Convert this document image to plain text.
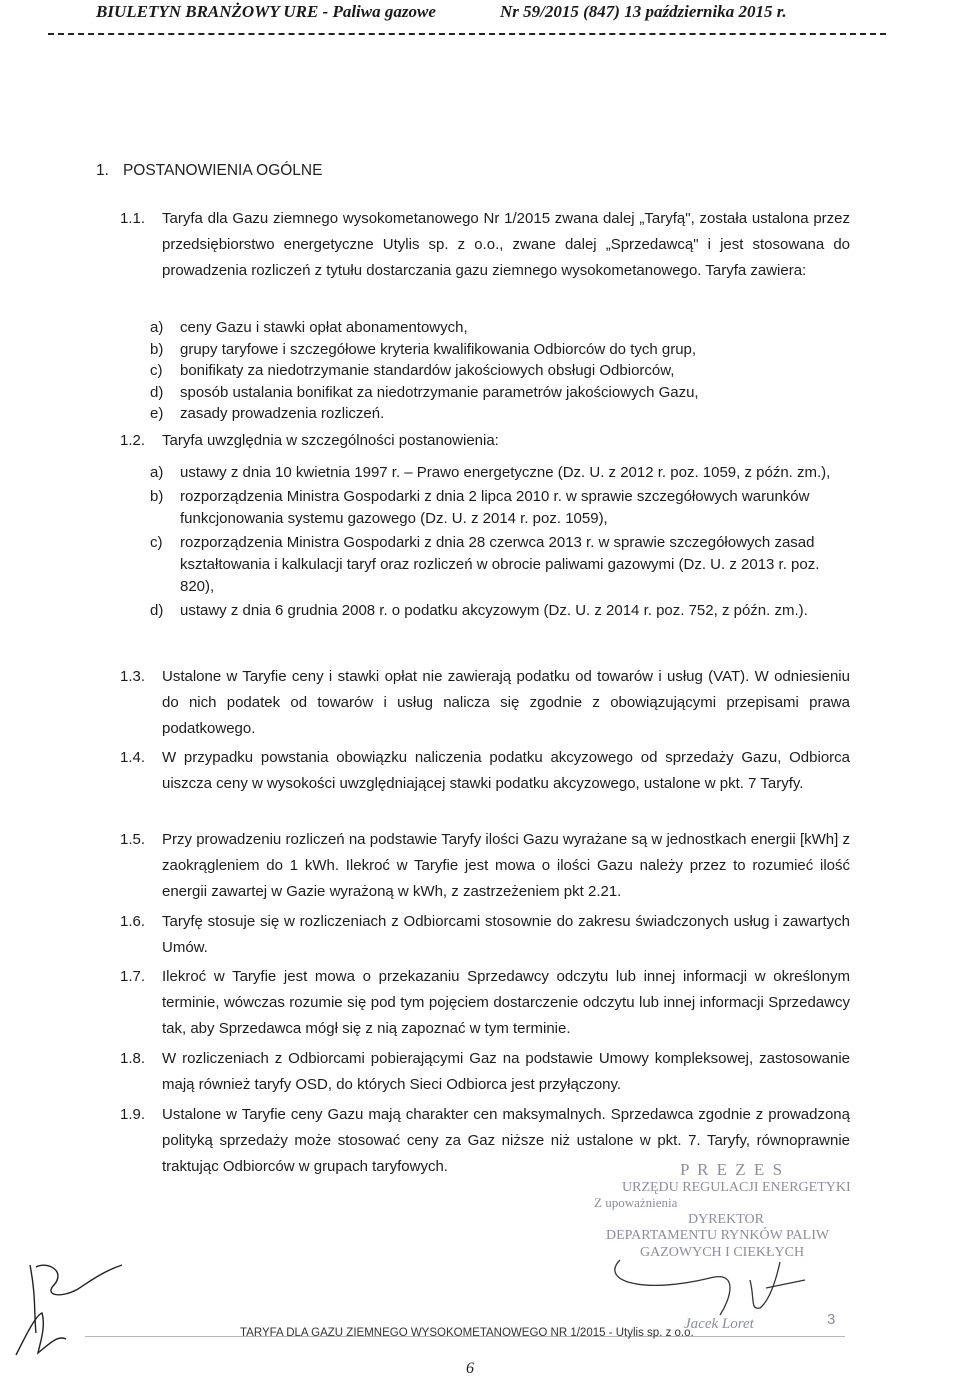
BIULETYN BRANŻOWY URE - Paliwa gazowe	Nr 59/2015 (847) 13 października 2015 r.
1. POSTANOWIENIA OGÓLNE
1.1. Taryfa dla Gazu ziemnego wysokometanowego Nr 1/2015 zwana dalej „Taryfą", została ustalona przez przedsiębiorstwo energetyczne Utylis sp. z o.o., zwane dalej „Sprzedawcą" i jest stosowana do prowadzenia rozliczeń z tytułu dostarczania gazu ziemnego wysokometanowego. Taryfa zawiera:
a) ceny Gazu i stawki opłat abonamentowych,
b) grupy taryfowe i szczegółowe kryteria kwalifikowania Odbiorców do tych grup,
c) bonifikaty za niedotrzymanie standardów jakościowych obsługi Odbiorców,
d) sposób ustalania bonifikat za niedotrzymanie parametrów jakościowych Gazu,
e) zasady prowadzenia rozliczeń.
1.2. Taryfa uwzględnia w szczególności postanowienia:
a) ustawy z dnia 10 kwietnia 1997 r. – Prawo energetyczne (Dz. U. z 2012 r. poz. 1059, z późn. zm.),
b) rozporządzenia Ministra Gospodarki z dnia 2 lipca 2010 r. w sprawie szczegółowych warunków funkcjonowania systemu gazowego (Dz. U. z 2014 r. poz. 1059),
c) rozporządzenia Ministra Gospodarki z dnia 28 czerwca 2013 r. w sprawie szczegółowych zasad kształtowania i kalkulacji taryf oraz rozliczeń w obrocie paliwami gazowymi (Dz. U. z 2013 r. poz. 820),
d) ustawy z dnia 6 grudnia 2008 r. o podatku akcyzowym (Dz. U. z 2014 r. poz. 752, z późn. zm.).
1.3. Ustalone w Taryfie ceny i stawki opłat nie zawierają podatku od towarów i usług (VAT). W odniesieniu do nich podatek od towarów i usług nalicza się zgodnie z obowiązującymi przepisami prawa podatkowego.
1.4. W przypadku powstania obowiązku naliczenia podatku akcyzowego od sprzedaży Gazu, Odbiorca uiszcza ceny w wysokości uwzględniającej stawki podatku akcyzowego, ustalone w pkt. 7 Taryfy.
1.5. Przy prowadzeniu rozliczeń na podstawie Taryfy ilości Gazu wyrażane są w jednostkach energii [kWh] z zaokrągleniem do 1 kWh. Ilekroć w Taryfie jest mowa o ilości Gazu należy przez to rozumieć ilość energii zawartej w Gazie wyrażoną w kWh, z zastrzeżeniem pkt 2.21.
1.6. Taryfę stosuje się w rozliczeniach z Odbiorcami stosownie do zakresu świadczonych usług i zawartych Umów.
1.7. Ilekroć w Taryfie jest mowa o przekazaniu Sprzedawcy odczytu lub innej informacji w określonym terminie, wówczas rozumie się pod tym pojęciem dostarczenie odczytu lub innej informacji Sprzedawcy tak, aby Sprzedawca mógł się z nią zapoznać w tym terminie.
1.8. W rozliczeniach z Odbiorcami pobierającymi Gaz na podstawie Umowy kompleksowej, zastosowanie mają również taryfy OSD, do których Sieci Odbiorca jest przyłączony.
1.9. Ustalone w Taryfie ceny Gazu mają charakter cen maksymalnych. Sprzedawca zgodnie z prowadzoną polityką sprzedaży może stosować ceny za Gaz niższe niż ustalone w pkt. 7. Taryfy, równoprawnie traktując Odbiorców w grupach taryfowych.	P R E Z E S
URZĘDU REGULACJI ENERGETYKI
Z upoważnienia
DYREKTOR
DEPARTAMENTU RYNKÓW PALIW
GAZOWYCH I CIEKŁYCH
Jacek Loret
TARYFA DLA GAZU ZIEMNEGO WYSOKOMETANOWEGO NR 1/2015 - Utylis sp. z o.o.
3
6
